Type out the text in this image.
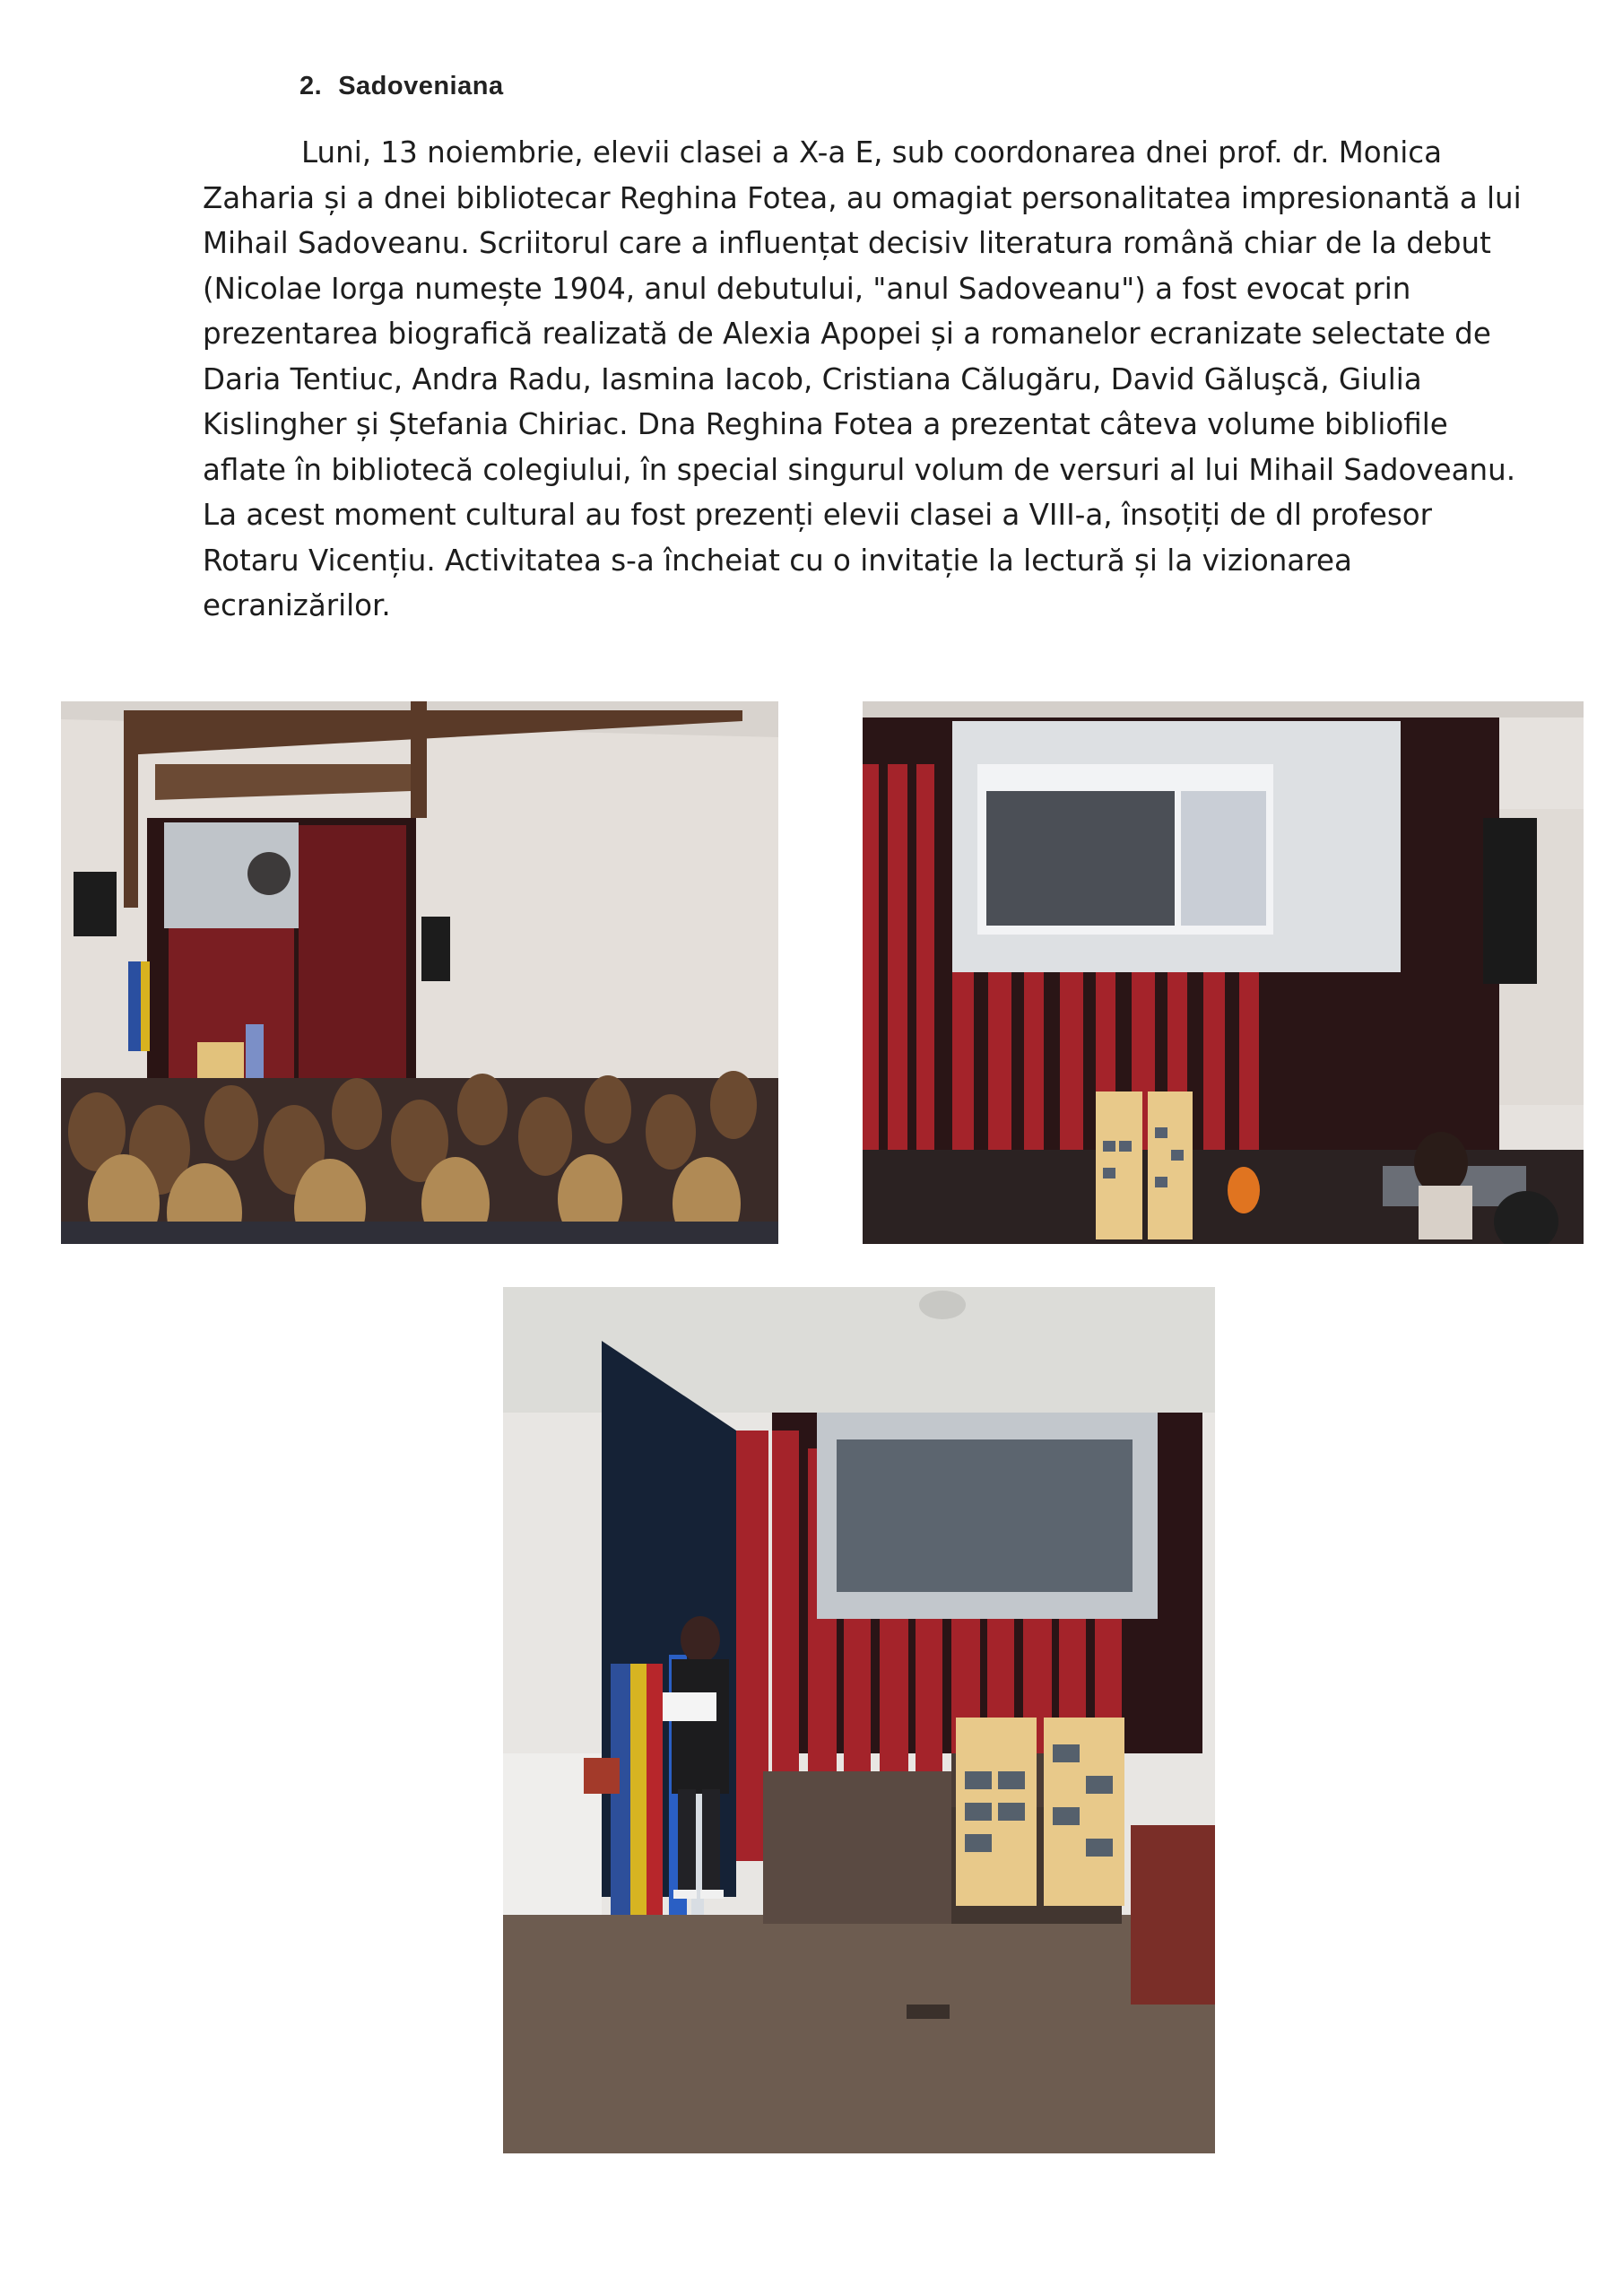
2. Sadoveniana
Luni, 13 noiembrie, elevii clasei a X-a E, sub coordonarea dnei prof. dr. Monica
Zaharia și a dnei bibliotecar Reghina Fotea, au omagiat personalitatea impresionantă a lui
Mihail Sadoveanu. Scriitorul care a influențat decisiv literatura română chiar de la debut
(Nicolae Iorga numește 1904, anul debutului, "anul Sadoveanu") a fost evocat prin
prezentarea biografică realizată de Alexia Apopei și a romanelor ecranizate selectate de
Daria Tentiuc, Andra Radu, Iasmina Iacob, Cristiana Călugăru, David Găluşcă, Giulia
Kislingher și Ștefania Chiriac. Dna Reghina Fotea a prezentat câteva volume bibliofile
aflate în bibliotecă colegiului, în special singurul volum de versuri al lui Mihail Sadoveanu.
La acest moment cultural au fost prezenți elevii clasei a VIII-a, însoțiți de dl profesor
Rotaru Vicențiu. Activitatea s-a încheiat cu o invitație la lectură și la vizionarea
ecranizărilor.
